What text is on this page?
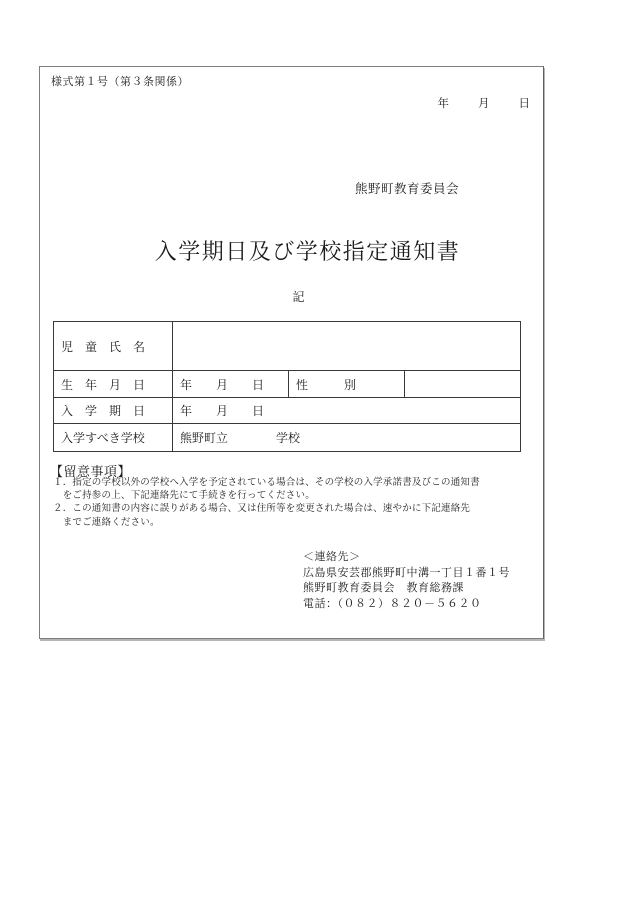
様式第１号（第３条関係）
年　　月　　日
熊野町教育委員会
入学期日及び学校指定通知書
記
児　童　氏　名			
生　年　月　日	年　　月　　日	性　　　別	
入　学　期　日	年　　月　　日		
入学すべき学校	熊野町立　　　　学校		
【留意事項】
１．指定の学校以外の学校へ入学を予定されている場合は、その学校の入学承諾書及びこの通知書
　をご持参の上、下記連絡先にて手続きを行ってください。
２．この通知書の内容に誤りがある場合、又は住所等を変更された場合は、速やかに下記連絡先
　までご連絡ください。
＜連絡先＞
広島県安芸郡熊野町中溝一丁目１番１号
熊野町教育委員会　教育総務課
電話：（０８２）８２０－５６２０
